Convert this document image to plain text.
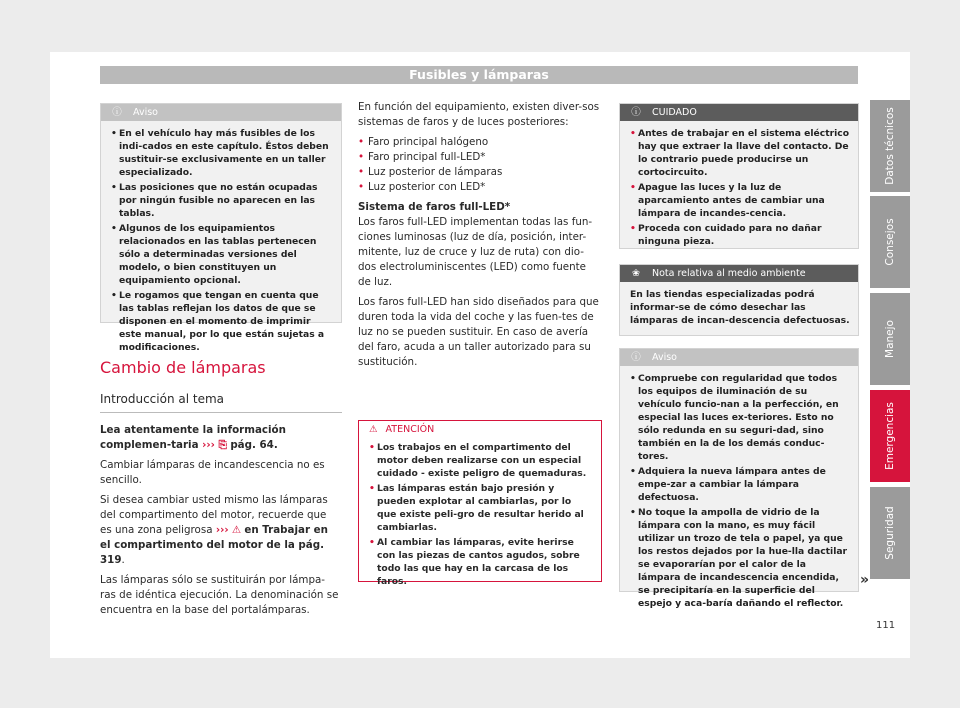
Fusibles y lámparas
ⓘ Aviso
• En el vehículo hay más fusibles de los indi-cados en este capítulo. Éstos deben sustituir-se exclusivamente en un taller especializado.
• Las posiciones que no están ocupadas por ningún fusible no aparecen en las tablas.
• Algunos de los equipamientos relacionados en las tablas pertenecen sólo a determinadas versiones del modelo, o bien constituyen un equipamiento opcional.
• Le rogamos que tengan en cuenta que las tablas reflejan los datos de que se disponen en el momento de imprimir este manual, por lo que están sujetas a modificaciones.
Cambio de lámparas
Introducción al tema

Lea atentamente la información complemen-taria ››› ⎘ pág. 64.

Cambiar lámparas de incandescencia no es sencillo.

Si desea cambiar usted mismo las lámparas del compartimento del motor, recuerde que es una zona peligrosa ››› ⚠ en Trabajar en el compartimento del motor de la pág. 319.

Las lámparas sólo se sustituirán por lámpa-ras de idéntica ejecución. La denominación se encuentra en la base del portalámparas.

En función del equipamiento, existen diver-sos sistemas de faros y de luces posteriores:

• Faro principal halógeno
• Faro principal full-LED*
• Luz posterior de lámparas
• Luz posterior con LED*

Sistema de faros full-LED*

Los faros full-LED implementan todas las fun-ciones luminosas (luz de día, posición, inter-mitente, luz de cruce y luz de ruta) con dio-dos electroluminiscentes (LED) como fuente de luz.

Los faros full-LED han sido diseñados para que duren toda la vida del coche y las fuen-tes de luz no se pueden sustituir. En caso de avería del faro, acuda a un taller autorizado para su sustitución.

⚠ ATENCIÓN
• Los trabajos en el compartimento del motor deben realizarse con un especial cuidado - existe peligro de quemaduras.
• Las lámparas están bajo presión y pueden explotar al cambiarlas, por lo que existe peli-gro de resultar herido al cambiarlas.
• Al cambiar las lámparas, evite herirse con las piezas de cantos agudos, sobre todo las que hay en la carcasa de los faros.
ⓘ CUIDADO
• Antes de trabajar en el sistema eléctrico hay que extraer la llave del contacto. De lo contrario puede producirse un cortocircuito.
• Apague las luces y la luz de aparcamiento antes de cambiar una lámpara de incandes-cencia.
• Proceda con cuidado para no dañar ninguna pieza.
❀ Nota relativa al medio ambiente

En las tiendas especializadas podrá informar-se de cómo desechar las lámparas de incan-descencia defectuosas.

ⓘ Aviso
• Compruebe con regularidad que todos los equipos de iluminación de su vehículo funcio-nan a la perfección, en especial las luces ex-teriores. Esto no sólo redunda en su seguri-dad, sino también en la de los demás conduc-tores.
• Adquiera la nueva lámpara antes de empe-zar a cambiar la lámpara defectuosa.
• No toque la ampolla de vidrio de la lámpara con la mano, es muy fácil utilizar un trozo de tela o papel, ya que los restos dejados por la hue-lla dactilar se evaporarían por el calor de la lámpara de incandescencia encendida, se precipitaría en la superficie del espejo y aca-baría dañando el reflector.
»
Datos técnicos
Consejos
Manejo
Emergencias
Seguridad
111
